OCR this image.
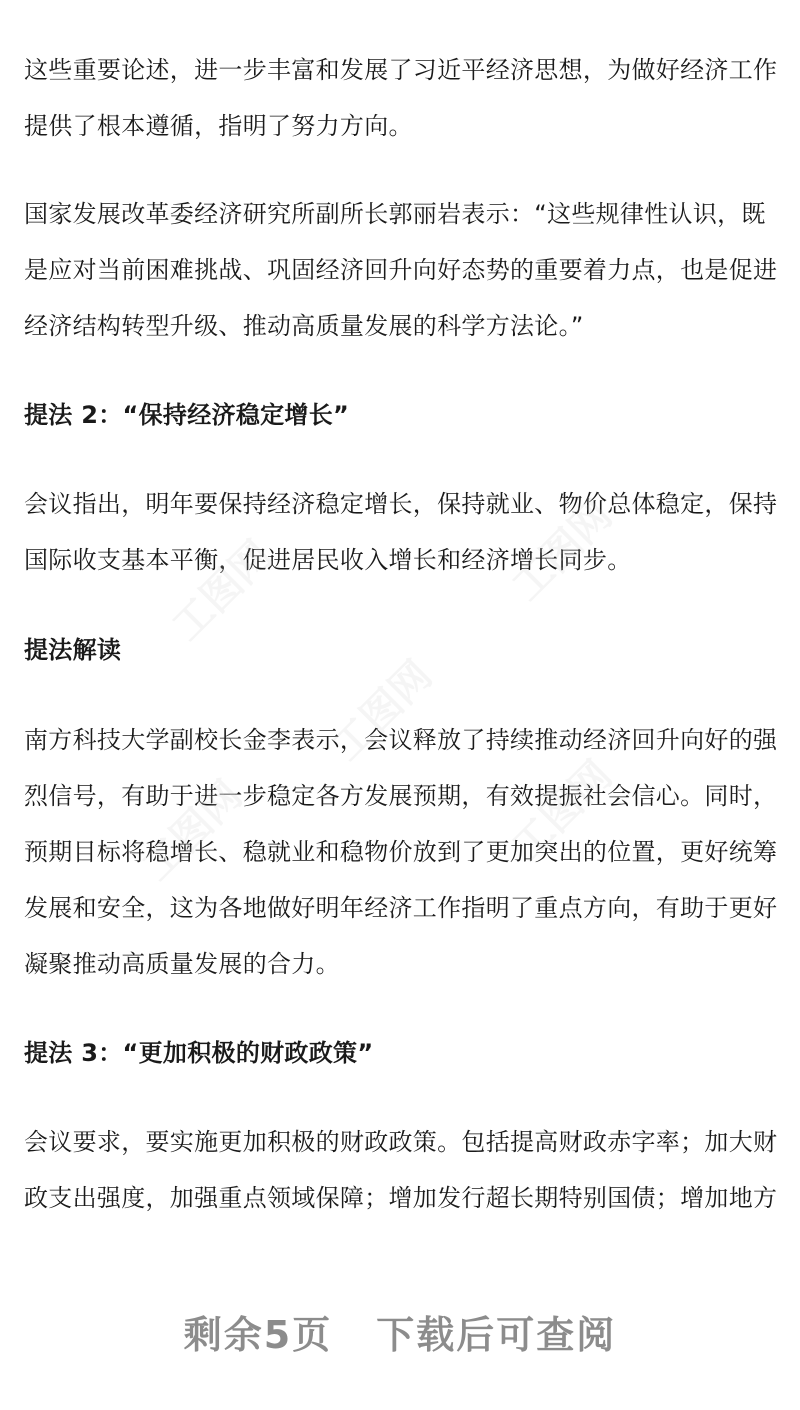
这些重要论述，进一步丰富和发展了习近平经济思想，为做好经济工作
提供了根本遵循，指明了努力方向。
国家发展改革委经济研究所副所长郭丽岩表示：“这些规律性认识，既
是应对当前困难挑战、巩固经济回升向好态势的重要着力点，也是促进
经济结构转型升级、推动高质量发展的科学方法论。”
提法 2：“保持经济稳定增长”
会议指出，明年要保持经济稳定增长，保持就业、物价总体稳定，保持
国际收支基本平衡，促进居民收入增长和经济增长同步。
提法解读
南方科技大学副校长金李表示，会议释放了持续推动经济回升向好的强
烈信号，有助于进一步稳定各方发展预期，有效提振社会信心。同时，
预期目标将稳增长、稳就业和稳物价放到了更加突出的位置，更好统筹
发展和安全，这为各地做好明年经济工作指明了重点方向，有助于更好
凝聚推动高质量发展的合力。
提法 3：“更加积极的财政政策”
会议要求，要实施更加积极的财政政策。包括提高财政赤字率；加大财
政支出强度，加强重点领域保障；增加发行超长期特别国债；增加地方
工图网	工图网
工图网
工图网	工图网
剩余5页 下载后可查阅
